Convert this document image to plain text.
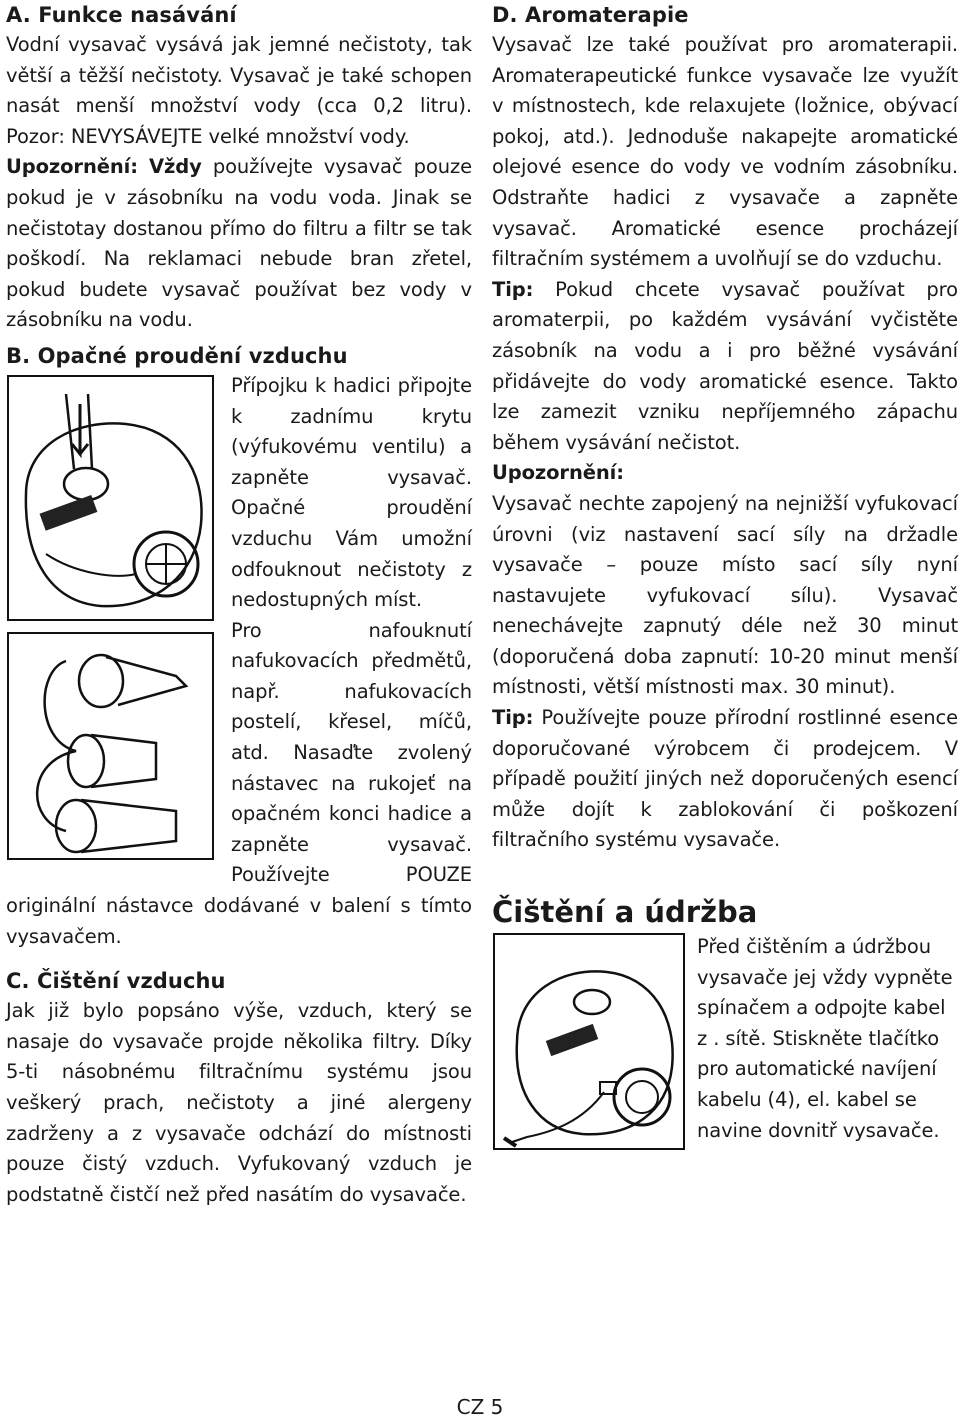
A. Funkce nasávání

Vodní vysavač vysává jak jemné nečistoty, tak větší a těžší nečistoty. Vysavač je také schopen nasát menší množství vody (cca 0,2 litru). Pozor: NEVYSÁVEJTE velké množství vody.

Upozornění: Vždy používejte vysavač pouze pokud je v zásobníku na vodu voda. Jinak se nečistotay dostanou přímo do filtru a filtr se tak poškodí. Na reklamaci nebude bran zřetel, pokud budete vysavač používat bez vody v zásobníku na vodu.

B. Opačné proudění vzduchu

Přípojku k hadici připojte k zadnímu krytu (výfukovému ventilu) a zapněte vysavač. Opačné proudění vzduchu Vám umožní odfouknout nečistoty z nedostupných míst.

Pro nafouknutí nafukovacích předmětů, např. nafukovacích postelí, křesel, míčů, atd. Nasaďte zvolený nástavec na rukojeť na opačném konci hadice a zapněte vysavač. Používejte POUZE originální nástavce dodávané v balení s tímto vysavačem.

C. Čištění vzduchu

Jak již bylo popsáno výše, vzduch, který se nasaje do vysavače projde několika filtry. Díky 5-ti násobnému filtračnímu systému jsou veškerý prach, nečistoty a jiné alergeny zadrženy a z vysavače odchází do místnosti pouze čistý vzduch. Vyfukovaný vzduch je podstatně čistčí než před nasátím do vysavače.

D. Aromaterapie

Vysavač lze také používat pro aromaterapii. Aromaterapeutické funkce vysavače lze využít v místnostech, kde relaxujete (ložnice, obývací pokoj, atd.). Jednoduše nakapejte aromatické olejové esence do vody ve vodním zásobníku. Odstraňte hadici z vysavače a zapněte vysavač. Aromatické esence procházejí filtračním systémem a uvolňují se do vzduchu.

Tip: Pokud chcete vysavač používat pro aromaterpii, po každém vysávání vyčistěte zásobník na vodu a i pro běžné vysávání přidávejte do vody aromatické esence. Takto lze zamezit vzniku nepříjemného zápachu během vysávání nečistot.

Upozornění:

Vysavač nechte zapojený na nejnižší vyfukovací úrovni (viz nastavení sací síly na držadle vysavače – pouze místo sací síly nyní nastavujete vyfukovací sílu). Vysavač nenechávejte zapnutý déle než 30 minut (doporučená doba zapnutí: 10-20 minut menší místnosti, větší místnosti max. 30 minut).

Tip: Používejte pouze přírodní rostlinné esence doporučované výrobcem či prodejcem. V případě použití jiných než doporučených esencí může dojít k zablokování či poškození filtračního systému vysavače.

Čištění a údržba

Před čištěním a údržbou vysavače jej vždy vypněte spínačem a odpojte kabel z . sítě. Stiskněte tlačítko pro automatické navíjení kabelu (4), el. kabel se navine dovnitř vysavače.

CZ 5
